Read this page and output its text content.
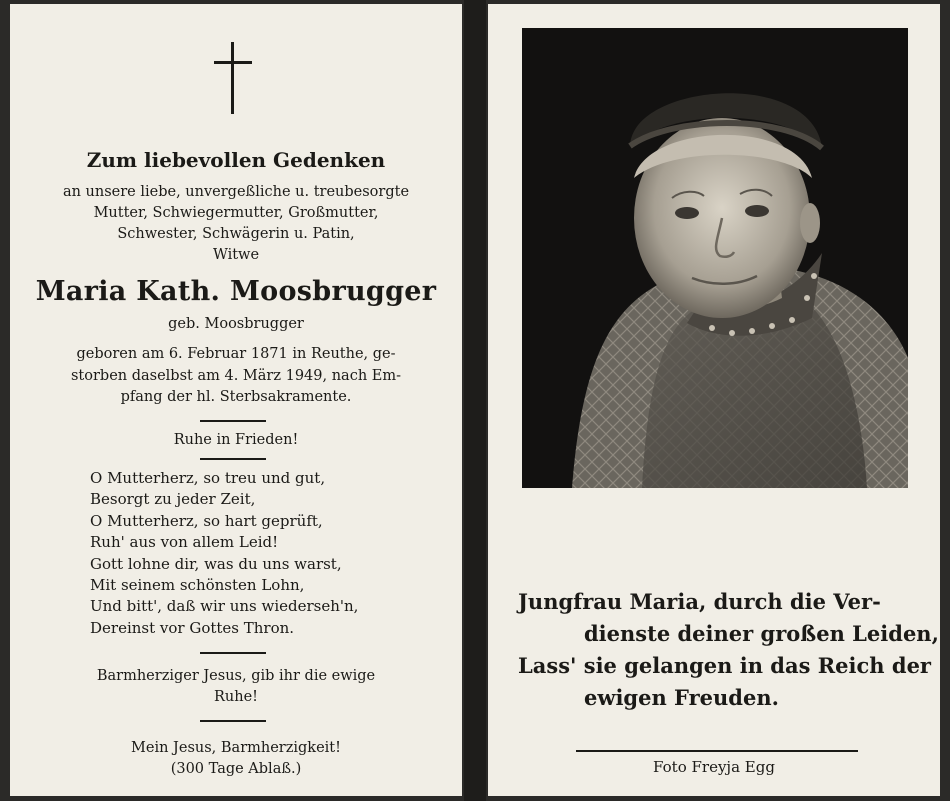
Zum liebevollen Gedenken
an unsere liebe, unvergeßliche u. treubesorgte
Mutter, Schwiegermutter, Großmutter,
Schwester, Schwägerin u. Patin,
Witwe
Maria Kath. Moosbrugger
geb. Moosbrugger
geboren am 6. Februar 1871 in Reuthe, ge-
storben daselbst am 4. März 1949, nach Em-
pfang der hl. Sterbsakramente.
Ruhe in Frieden!
O Mutterherz, so treu und gut,
Besorgt zu jeder Zeit,
O Mutterherz, so hart geprüft,
Ruh' aus von allem Leid!
Gott lohne dir, was du uns warst,
Mit seinem schönsten Lohn,
Und bitt', daß wir uns wiederseh'n,
Dereinst vor Gottes Thron.
Barmherziger Jesus, gib ihr die ewige
Ruhe!
Mein Jesus, Barmherzigkeit!
(300 Tage Ablaß.)
Jungfrau Maria, durch die Ver-
dienste deiner großen Leiden,
Lass' sie gelangen in das Reich der
ewigen Freuden.
Foto Freyja Egg
